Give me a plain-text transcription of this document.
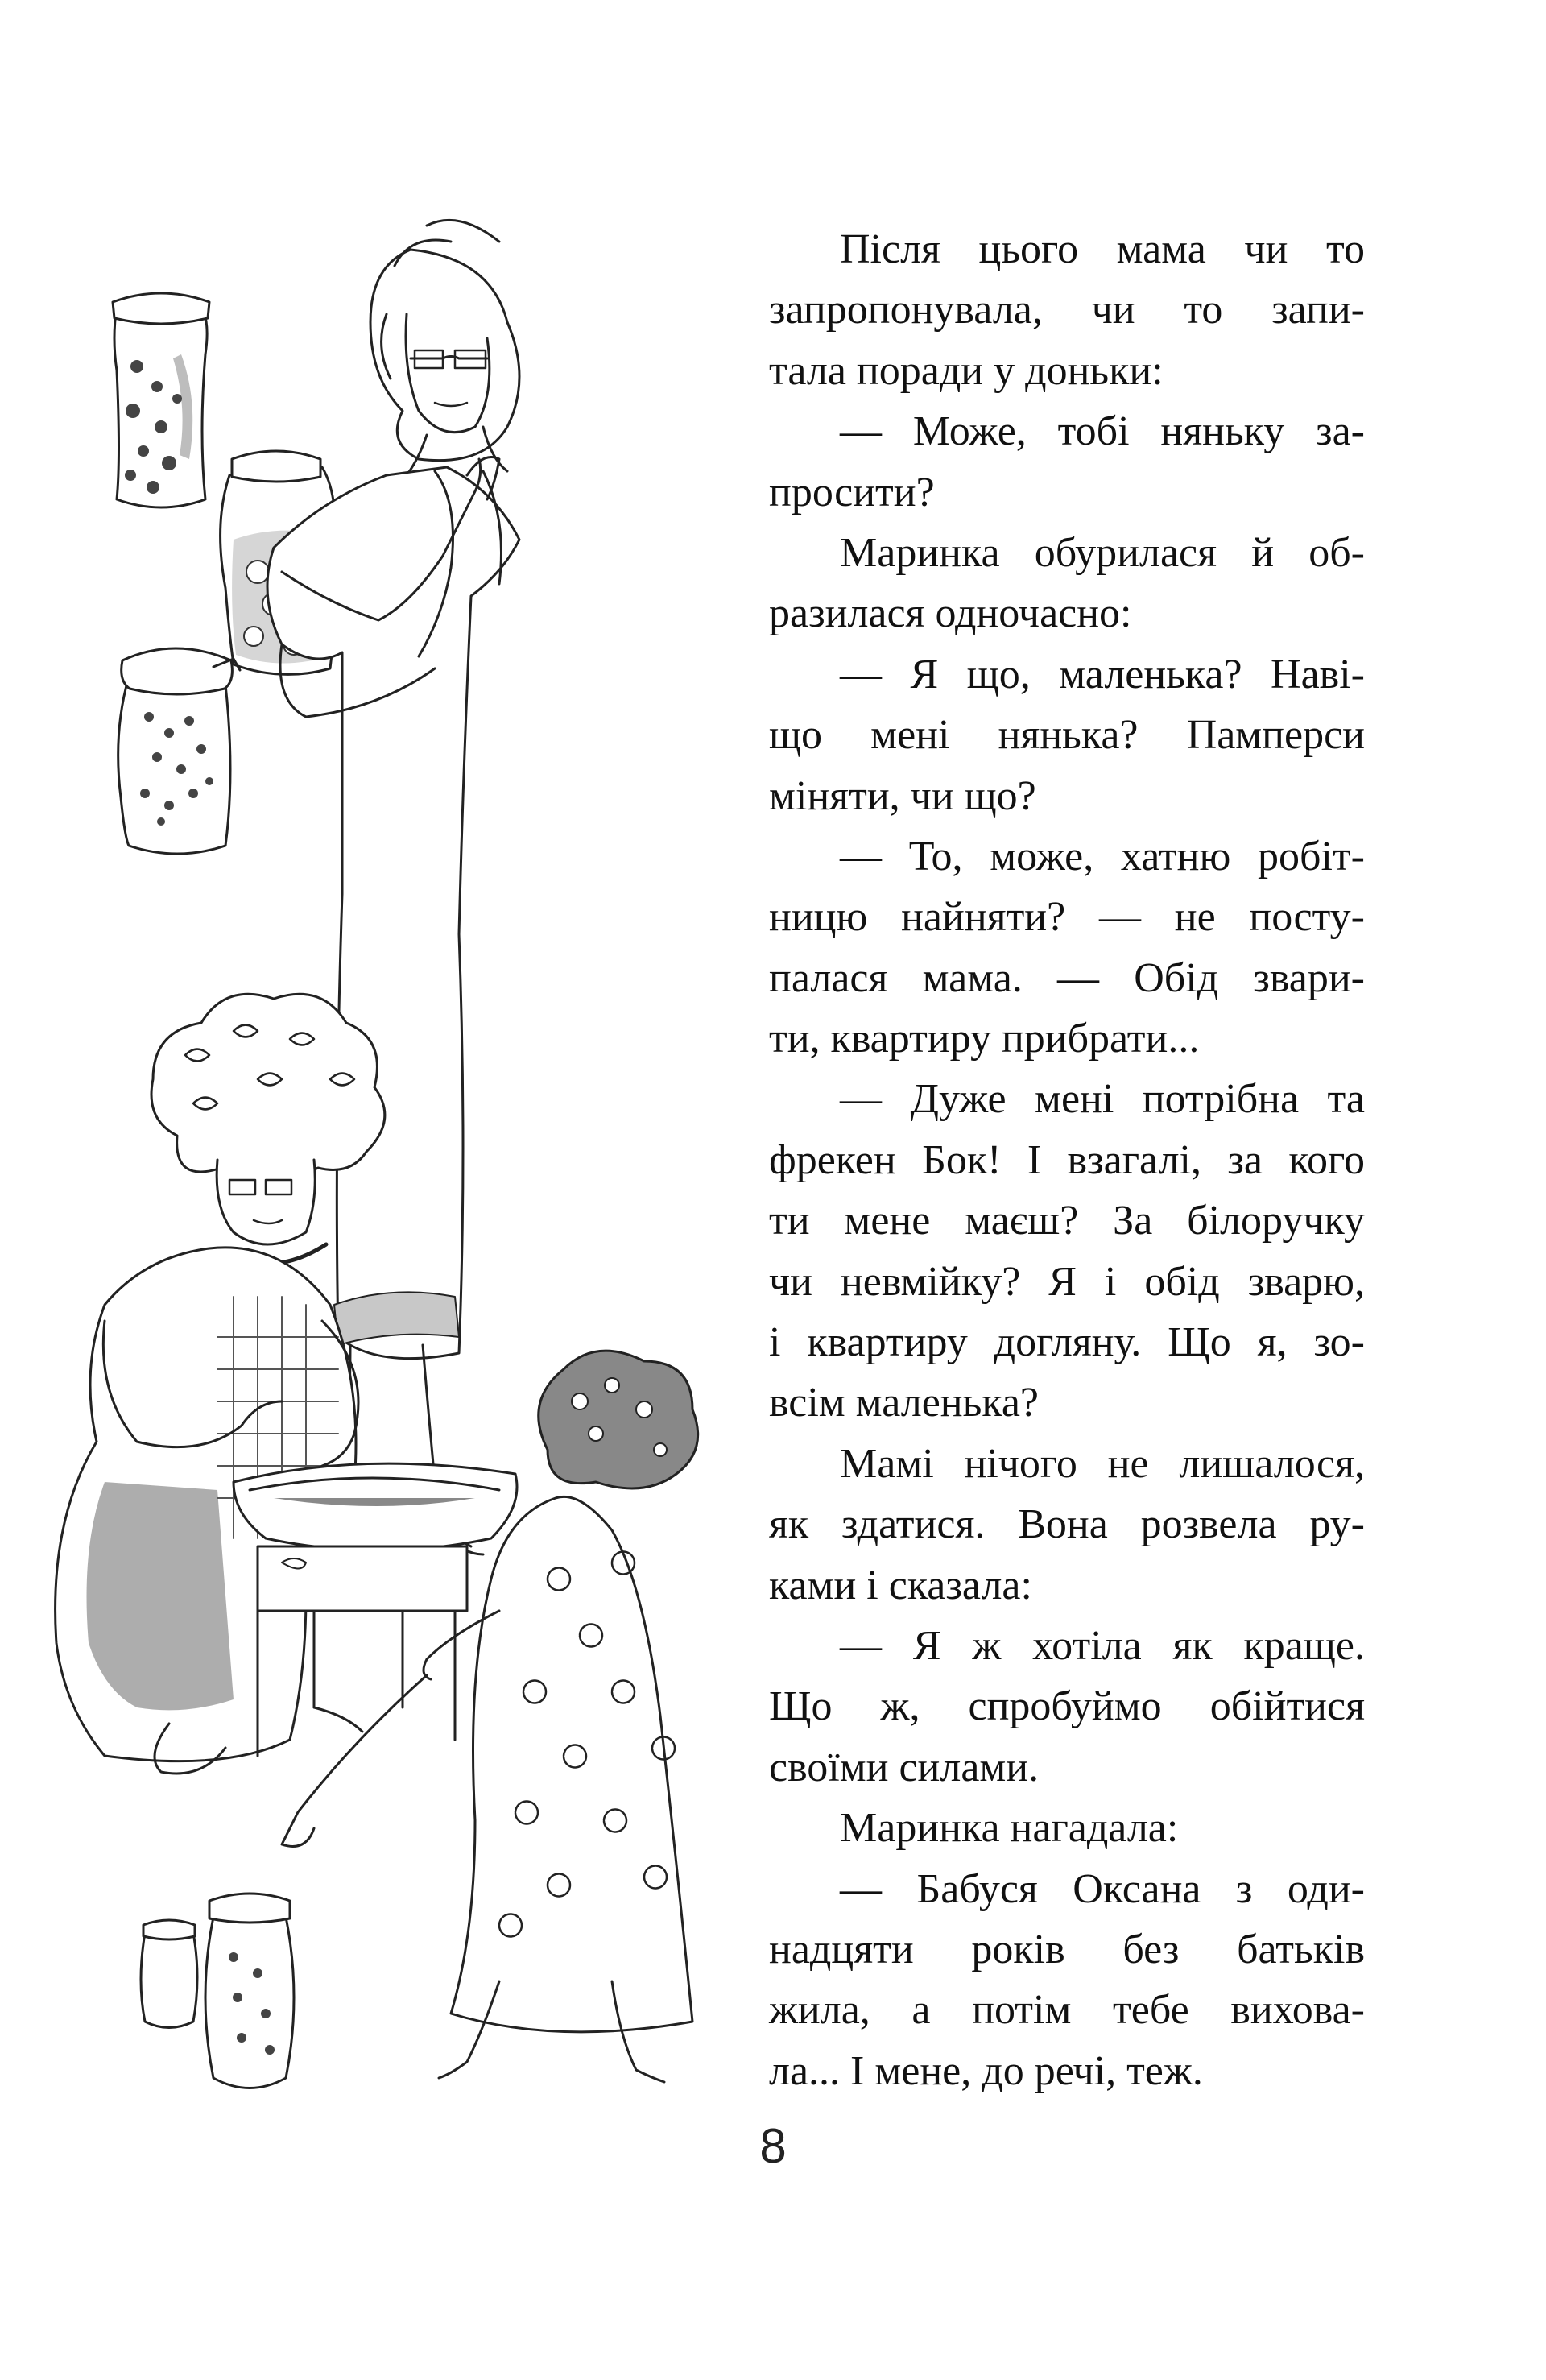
Після цього мама чи то
запропонувала, чи то запи-
тала поради у доньки:
— Може, тобі няньку за-
просити?
Маринка обурилася й об-
разилася одночасно:
— Я що, маленька? Наві-
що мені нянька? Памперси
міняти, чи що?
— То, може, хатню робіт-
ницю найняти? — не посту-
палася мама. — Обід звари-
ти, квартиру прибрати...
— Дуже мені потрібна та
фрекен Бок! І взагалі, за кого
ти мене маєш? За білоручку
чи невмійку? Я і обід зварю,
і квартиру догляну. Що я, зо-
всім маленька?
Мамі нічого не лишалося,
як здатися. Вона розвела ру-
ками і сказала:
— Я ж хотіла як краще.
Що ж, спробуймо обійтися
своїми силами.
Маринка нагадала:
— Бабуся Оксана з оди-
надцяти років без батьків
жила, а потім тебе вихова-
ла... І мене, до речі, теж.
8
